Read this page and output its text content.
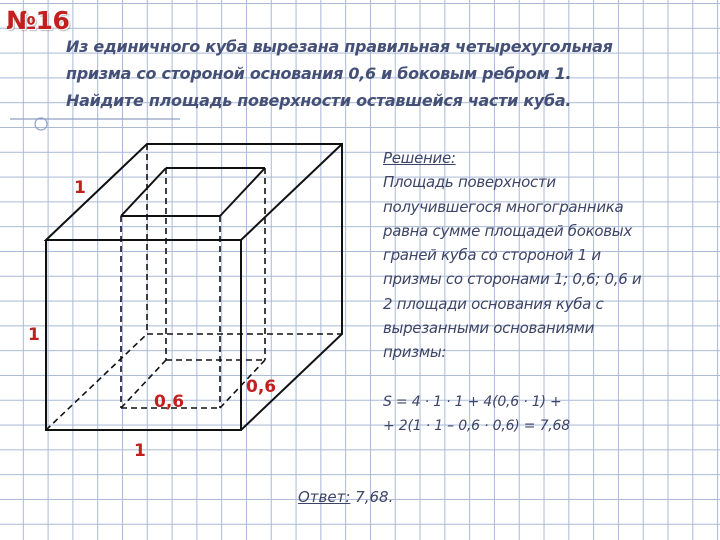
№16
Из единичного куба вырезана правильная четырехугольная
призма со стороной основания 0,6 и боковым ребром 1.
Найдите площадь поверхности оставшейся части куба.
1
1
1
0,6
0,6
Решение:
Площадь поверхности
получившегося многогранника
равна сумме площадей боковых
граней куба со стороной 1 и
призмы со сторонами 1; 0,6; 0,6 и
2 площади основания куба с
вырезанными основаниями
призмы:
S = 4 · 1 · 1 + 4(0,6 · 1) +
+ 2(1 · 1 – 0,6 · 0,6) = 7,68
Ответ: 7,68.
